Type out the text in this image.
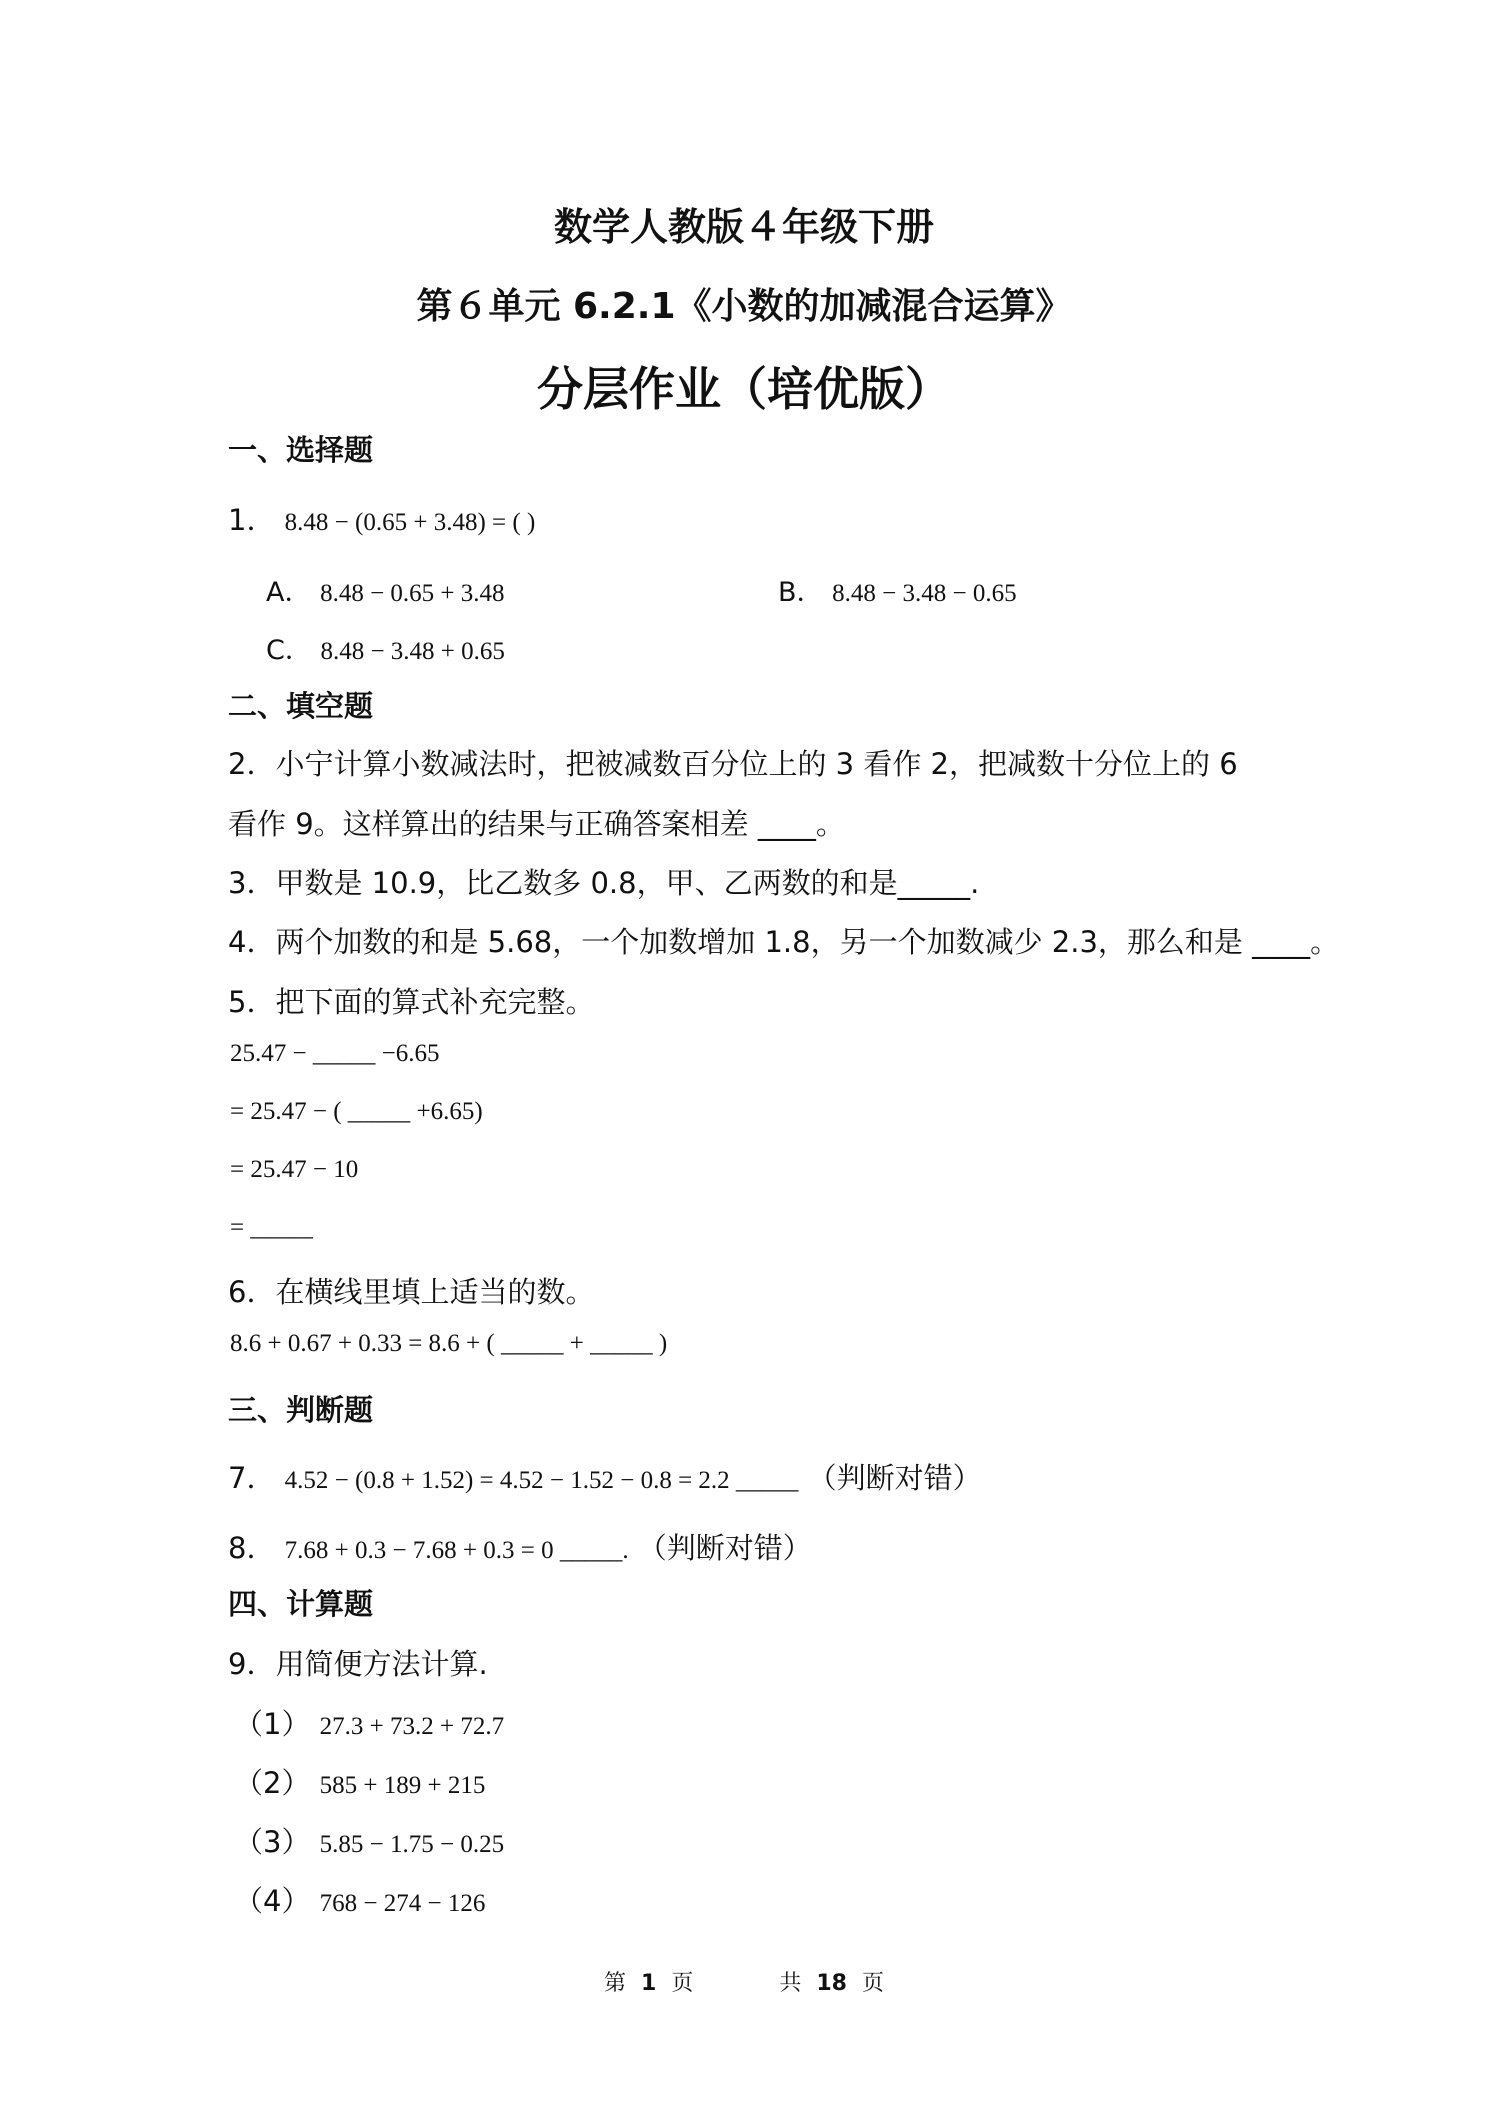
数学人教版４年级下册
第６单元 6.2.1《小数的加减混合运算》
分层作业（培优版）
一、选择题
1． 8.48 − (0.65 + 3.48) = ( )
A． 8.48 − 0.65 + 3.48	B． 8.48 − 3.48 − 0.65
C． 8.48 − 3.48 + 0.65
二、填空题
2．小宁计算小数减法时，把被减数百分位上的 3 看作 2，把减数十分位上的 6
看作 9。这样算出的结果与正确答案相差 ____。
3．甲数是 10.9，比乙数多 0.8，甲、乙两数的和是_____.
4．两个加数的和是 5.68，一个加数增加 1.8，另一个加数减少 2.3，那么和是 ____。
5．把下面的算式补充完整。
25.47 − _____ −6.65
= 25.47 − ( _____ +6.65)
= 25.47 − 10
= _____
6．在横线里填上适当的数。
8.6 + 0.67 + 0.33 = 8.6 + ( _____ + _____ )
三、判断题
7． 4.52 − (0.8 + 1.52) = 4.52 − 1.52 − 0.8 = 2.2 _____ （判断对错）
8． 7.68 + 0.3 − 7.68 + 0.3 = 0 _____. （判断对错）
四、计算题
9．用简便方法计算.
（1） 27.3 + 73.2 + 72.7
（2） 585 + 189 + 215
（3） 5.85 − 1.75 − 0.25
（4） 768 − 274 − 126
第 1 页	共 18 页
